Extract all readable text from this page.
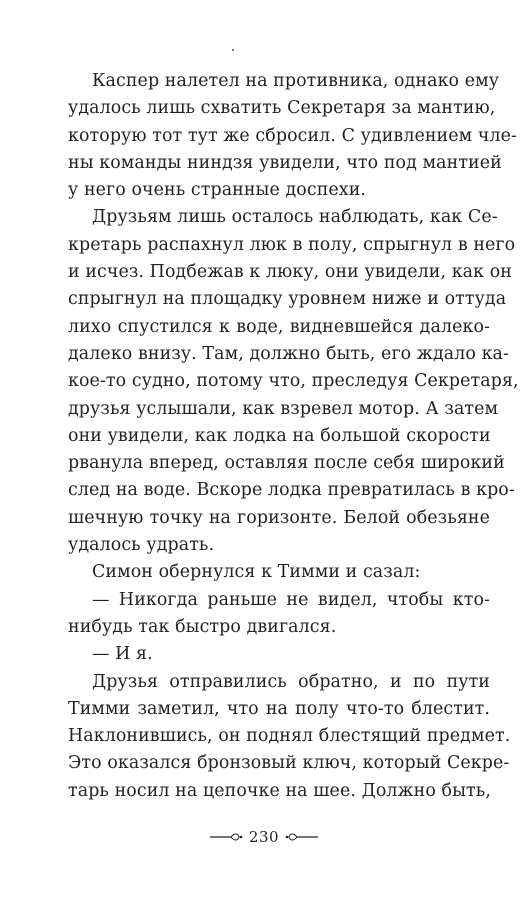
Каспер налетел на противника, однако ему
удалось лишь схватить Секретаря за мантию,
которую тот тут же сбросил. С удивлением чле-
ны команды ниндзя увидели, что под мантией
у него очень странные доспехи.
Друзьям лишь осталось наблюдать, как Се-
кретарь распахнул люк в полу, спрыгнул в него
и исчез. Подбежав к люку, они увидели, как он
спрыгнул на площадку уровнем ниже и оттуда
лихо спустился к воде, видневшейся далеко-
далеко внизу. Там, должно быть, его ждало ка-
кое-то судно, потому что, преследуя Секретаря,
друзья услышали, как взревел мотор. А затем
они увидели, как лодка на большой скорости
рванула вперед, оставляя после себя широкий
след на воде. Вскоре лодка превратилась в кро-
шечную точку на горизонте. Белой обезьяне
удалось удрать.
Симон обернулся к Тимми и сазал:
— Никогда раньше не видел, чтобы кто-
нибудь так быстро двигался.
— И я.
Друзья отправились обратно, и по пути
Тимми заметил, что на полу что-то блестит.
Наклонившись, он поднял блестящий предмет.
Это оказался бронзовый ключ, который Секре-
тарь носил на цепочке на шее. Должно быть,
230
